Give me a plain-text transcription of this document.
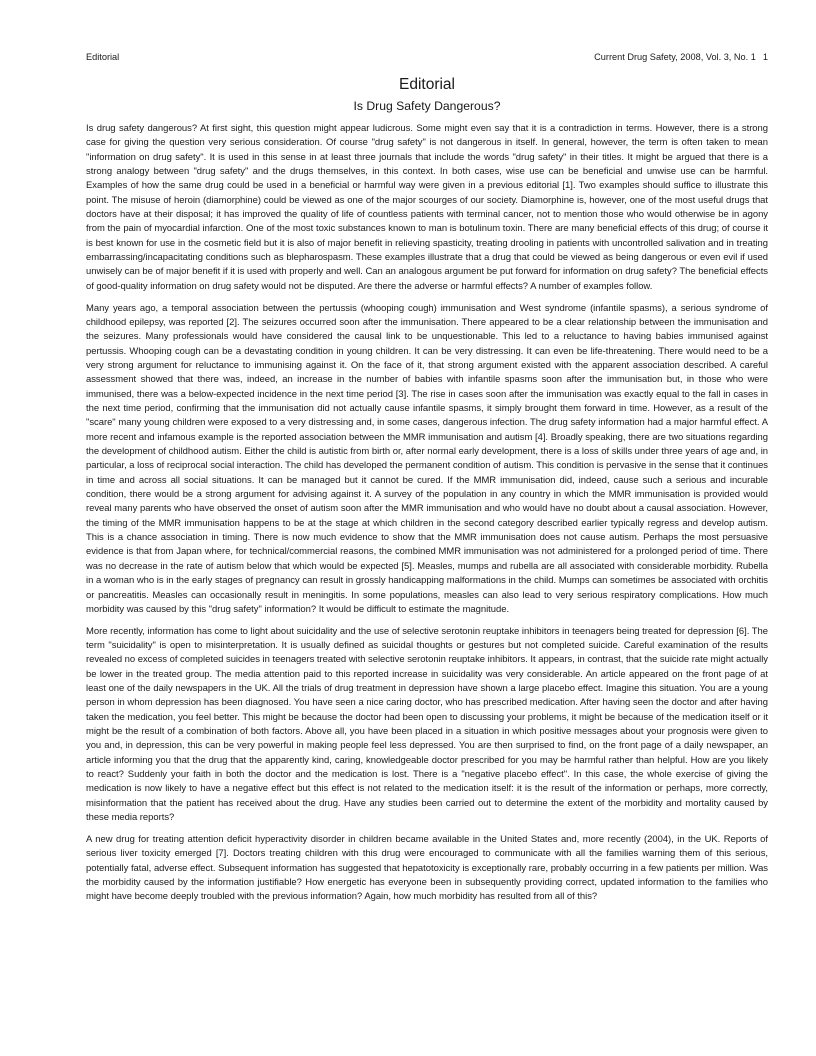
Editorial	Current Drug Safety, 2008, Vol. 3, No. 1 1
Editorial
Is Drug Safety Dangerous?

Is drug safety dangerous? At first sight, this question might appear ludicrous. Some might even say that it is a contradiction in terms. However, there is a strong case for giving the question very serious consideration. Of course "drug safety" is not dangerous in itself. In general, however, the term is often taken to mean "information on drug safety". It is used in this sense in at least three journals that include the words "drug safety" in their titles. It might be argued that there is a strong analogy between "drug safety" and the drugs themselves, in this context. In both cases, wise use can be beneficial and unwise use can be harmful. Examples of how the same drug could be used in a beneficial or harmful way were given in a previous editorial [1]. Two examples should suffice to illustrate this point. The misuse of heroin (diamorphine) could be viewed as one of the major scourges of our society. Diamorphine is, however, one of the most useful drugs that doctors have at their disposal; it has improved the quality of life of countless patients with terminal cancer, not to mention those who would otherwise be in agony from the pain of myocardial infarction. One of the most toxic substances known to man is botulinum toxin. There are many beneficial effects of this drug; of course it is best known for use in the cosmetic field but it is also of major benefit in relieving spasticity, treating drooling in patients with uncontrolled salivation and in treating embarrassing/incapacitating conditions such as blepharospasm. These examples illustrate that a drug that could be viewed as being dangerous or even evil if used unwisely can be of major benefit if it is used with properly and well. Can an analogous argument be put forward for information on drug safety? The beneficial effects of good-quality information on drug safety would not be disputed. Are there the adverse or harmful effects? A number of examples follow.

Many years ago, a temporal association between the pertussis (whooping cough) immunisation and West syndrome (infantile spasms), a serious syndrome of childhood epilepsy, was reported [2]. The seizures occurred soon after the immunisation. There appeared to be a clear relationship between the immunisation and the seizures. Many professionals would have considered the causal link to be unquestionable. This led to a reluctance to having babies immunised against pertussis. Whooping cough can be a devastating condition in young children. It can be very distressing. It can even be life-threatening. There would need to be a very strong argument for reluctance to immunising against it. On the face of it, that strong argument existed with the apparent association described. A careful assessment showed that there was, indeed, an increase in the number of babies with infantile spasms soon after the immunisation but, in those who were immunised, there was a below-expected incidence in the next time period [3]. The rise in cases soon after the immunisation was exactly equal to the fall in cases in the next time period, confirming that the immunisation did not actually cause infantile spasms, it simply brought them forward in time. However, as a result of the "scare" many young children were exposed to a very distressing and, in some cases, dangerous infection. The drug safety information had a major harmful effect. A more recent and infamous example is the reported association between the MMR immunisation and autism [4]. Broadly speaking, there are two situations regarding the development of childhood autism. Either the child is autistic from birth or, after normal early development, there is a loss of skills under three years of age and, in particular, a loss of reciprocal social interaction. The child has developed the permanent condition of autism. This condition is pervasive in the sense that it continues in time and across all social situations. It can be managed but it cannot be cured. If the MMR immunisation did, indeed, cause such a serious and incurable condition, there would be a strong argument for advising against it. A survey of the population in any country in which the MMR immunisation is provided would reveal many parents who have observed the onset of autism soon after the MMR immunisation and who would have no doubt about a causal association. However, the timing of the MMR immunisation happens to be at the stage at which children in the second category described earlier typically regress and develop autism. This is a chance association in timing. There is now much evidence to show that the MMR immunisation does not cause autism. Perhaps the most persuasive evidence is that from Japan where, for technical/commercial reasons, the combined MMR immunisation was not administered for a prolonged period of time. There was no decrease in the rate of autism below that which would be expected [5]. Measles, mumps and rubella are all associated with considerable morbidity. Rubella in a woman who is in the early stages of pregnancy can result in grossly handicapping malformations in the child. Mumps can sometimes be associated with orchitis or pancreatitis. Measles can occasionally result in meningitis. In some populations, measles can also lead to very serious respiratory complications. How much morbidity was caused by this "drug safety" information? It would be difficult to estimate the magnitude.

More recently, information has come to light about suicidality and the use of selective serotonin reuptake inhibitors in teenagers being treated for depression [6]. The term "suicidality" is open to misinterpretation. It is usually defined as suicidal thoughts or gestures but not completed suicide. Careful examination of the results revealed no excess of completed suicides in teenagers treated with selective serotonin reuptake inhibitors. It appears, in contrast, that the suicide rate might actually be lower in the treated group. The media attention paid to this reported increase in suicidality was very considerable. An article appeared on the front page of at least one of the daily newspapers in the UK. All the trials of drug treatment in depression have shown a large placebo effect. Imagine this situation. You are a young person in whom depression has been diagnosed. You have seen a nice caring doctor, who has prescribed medication. After having seen the doctor and after having taken the medication, you feel better. This might be because the doctor had been open to discussing your problems, it might be because of the medication itself or it might be the result of a combination of both factors. Above all, you have been placed in a situation in which positive messages about your prognosis were given to you and, in depression, this can be very powerful in making people feel less depressed. You are then surprised to find, on the front page of a daily newspaper, an article informing you that the drug that the apparently kind, caring, knowledgeable doctor prescribed for you may be harmful rather than helpful. How are you likely to react? Suddenly your faith in both the doctor and the medication is lost. There is a "negative placebo effect". In this case, the whole exercise of giving the medication is now likely to have a negative effect but this effect is not related to the medication itself: it is the result of the information or perhaps, more correctly, misinformation that the patient has received about the drug. Have any studies been carried out to determine the extent of the morbidity and mortality caused by these media reports?

A new drug for treating attention deficit hyperactivity disorder in children became available in the United States and, more recently (2004), in the UK. Reports of serious liver toxicity emerged [7]. Doctors treating children with this drug were encouraged to communicate with all the families warning them of this serious, potentially fatal, adverse effect. Subsequent information has suggested that hepatotoxicity is exceptionally rare, probably occurring in a few patients per million. Was the morbidity caused by the information justifiable? How energetic has everyone been in subsequently providing correct, updated information to the families who might have become deeply troubled with the previous information? Again, how much morbidity has resulted from all of this?
